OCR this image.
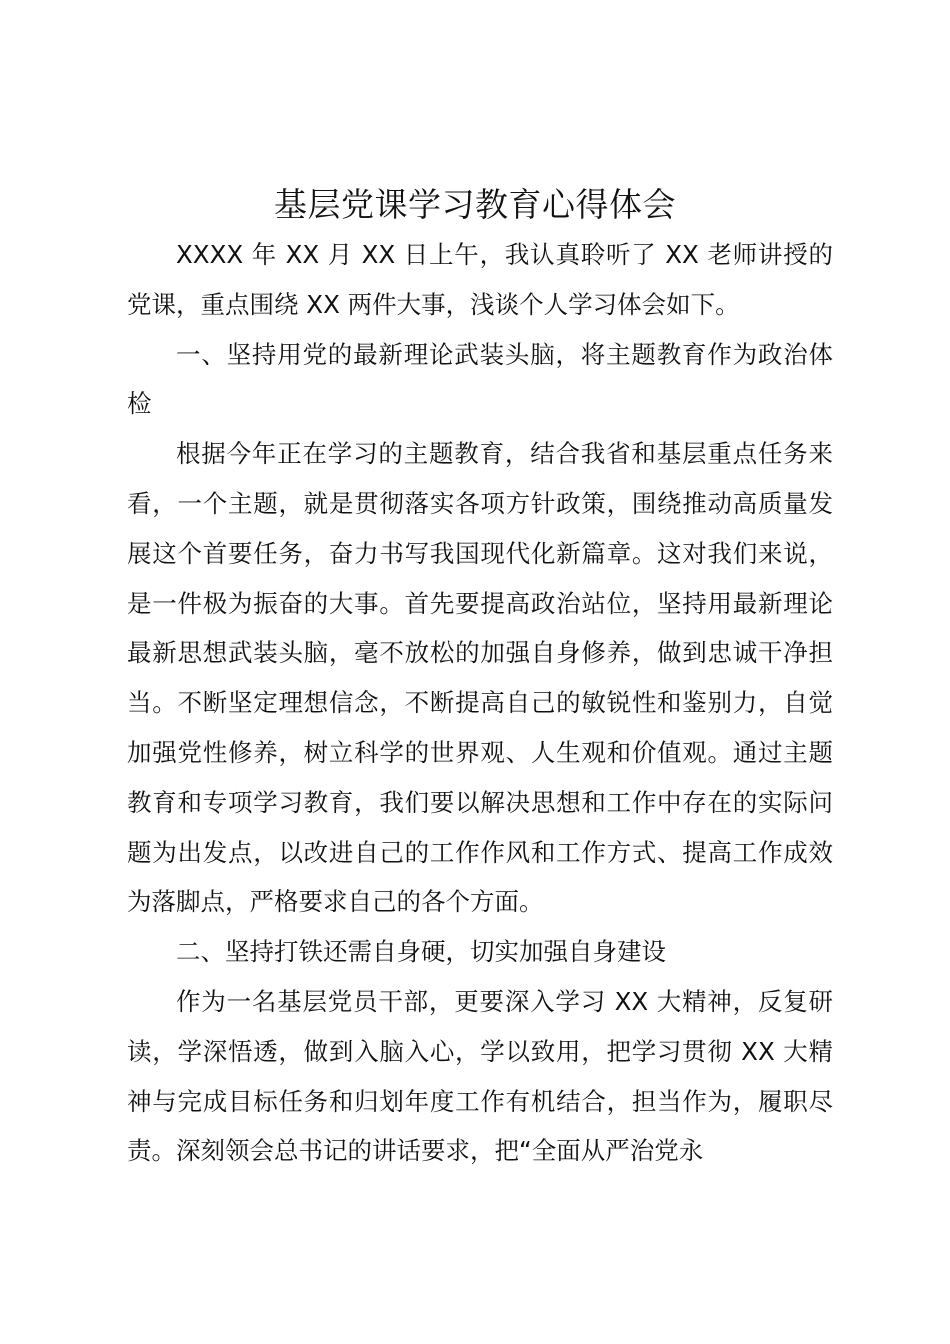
基层党课学习教育心得体会

XXXX 年 XX 月 XX 日上午，我认真聆听了 XX 老师讲授的党课，重点围绕 XX 两件大事，浅谈个人学习体会如下。

一、坚持用党的最新理论武装头脑，将主题教育作为政治体检

根据今年正在学习的主题教育，结合我省和基层重点任务来看，一个主题，就是贯彻落实各项方针政策，围绕推动高质量发展这个首要任务，奋力书写我国现代化新篇章。这对我们来说，是一件极为振奋的大事。首先要提高政治站位，坚持用最新理论最新思想武装头脑，毫不放松的加强自身修养，做到忠诚干净担当。不断坚定理想信念，不断提高自己的敏锐性和鉴别力，自觉加强党性修养，树立科学的世界观、人生观和价值观。通过主题教育和专项学习教育，我们要以解决思想和工作中存在的实际问题为出发点，以改进自己的工作作风和工作方式、提高工作成效为落脚点，严格要求自己的各个方面。

二、坚持打铁还需自身硬，切实加强自身建设

作为一名基层党员干部，更要深入学习 XX 大精神，反复研读，学深悟透，做到入脑入心，学以致用，把学习贯彻 XX 大精神与完成目标任务和归划年度工作有机结合，担当作为，履职尽责。深刻领会总书记的讲话要求，把“全面从严治党永
